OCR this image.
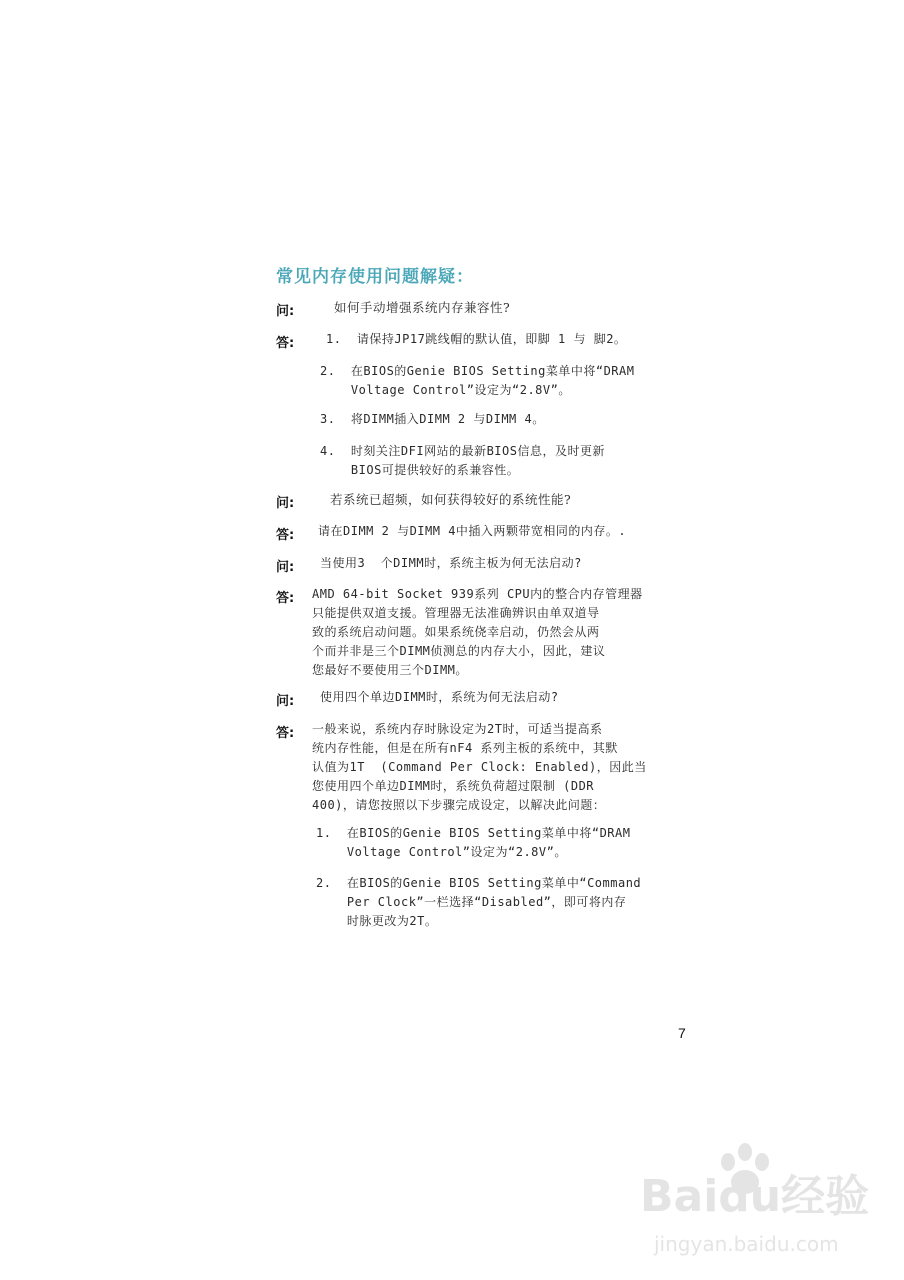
常见内存使用问题解疑：
问:	如何手动增强系统内存兼容性?
答:	1.  请保持JP17跳线帽的默认值，即脚 1 与 脚2。
2.  在BIOS的Genie BIOS Setting菜单中将“DRAM
Voltage Control”设定为“2.8V”。
3.  将DIMM插入DIMM 2 与DIMM 4。
4.  时刻关注DFI网站的最新BIOS信息，及时更新
BIOS可提供较好的系兼容性。
问:	若系统已超频，如何获得较好的系统性能?
答: 请在DIMM 2 与DIMM 4中插入两颗带宽相同的内存。.
问: 当使用3  个DIMM时，系统主板为何无法启动?
答: AMD 64-bit Socket 939系列 CPU内的整合内存管理器
只能提供双道支援。管理器无法准确辨识由单双道导
致的系统启动问题。如果系统侥幸启动，仍然会从两
个而并非是三个DIMM侦测总的内存大小，因此，建议
您最好不要使用三个DIMM。
问: 使用四个单边DIMM时，系统为何无法启动?
答: 一般来说，系统内存时脉设定为2T时，可适当提高系
统内存性能，但是在所有nF4 系列主板的系统中，其默
认值为1T  (Command Per Clock: Enabled)，因此当
您使用四个单边DIMM时，系统负荷超过限制 (DDR
400)，请您按照以下步骤完成设定，以解决此问题：
1.  在BIOS的Genie BIOS Setting菜单中将“DRAM
Voltage Control”设定为“2.8V”。
2.  在BIOS的Genie BIOS Setting菜单中“Command
Per Clock”一栏选择“Disabled”，即可将内存
时脉更改为2T。
7
Baidu经验
jingyan.baidu.com
